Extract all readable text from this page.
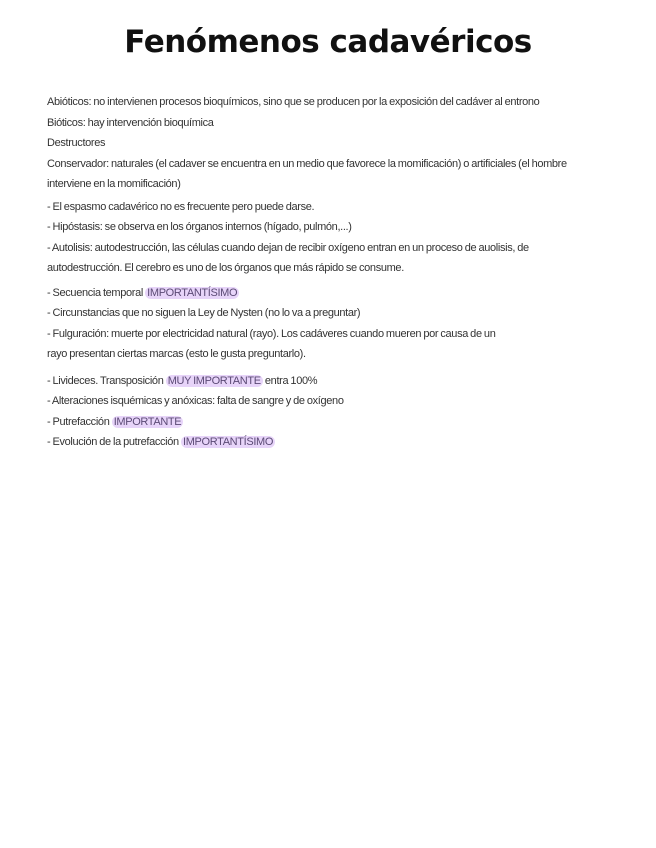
Fenómenos cadavéricos
Abióticos: no intervienen procesos bioquímicos, sino que se producen por la exposición del cadáver al entrono
Bióticos: hay intervención bioquímica
Destructores
Conservador: naturales (el cadaver se encuentra en un medio que favorece la momificación) o artificiales (el hombre
interviene en la momificación)
- El espasmo cadavérico no es frecuente pero puede darse.
- Hipóstasis: se observa en los órganos internos (hígado, pulmón,...)
- Autolisis: autodestrucción, las células cuando dejan de recibir oxígeno entran en un proceso de auolisis, de
autodestrucción. El cerebro es uno de los órganos que más rápido se consume.
- Secuencia temporal IMPORTANTÍSIMO
- Circunstancias que no siguen la Ley de Nysten (no lo va a preguntar)
- Fulguración: muerte por electricidad natural (rayo). Los cadáveres cuando mueren por causa de un
rayo presentan ciertas marcas (esto le gusta preguntarlo).
- Livideces. Transposición MUY IMPORTANTE entra 100%
- Alteraciones isquémicas y anóxicas: falta de sangre y de oxígeno
- Putrefacción IMPORTANTE
- Evolución de la putrefacción IMPORTANTÍSIMO
